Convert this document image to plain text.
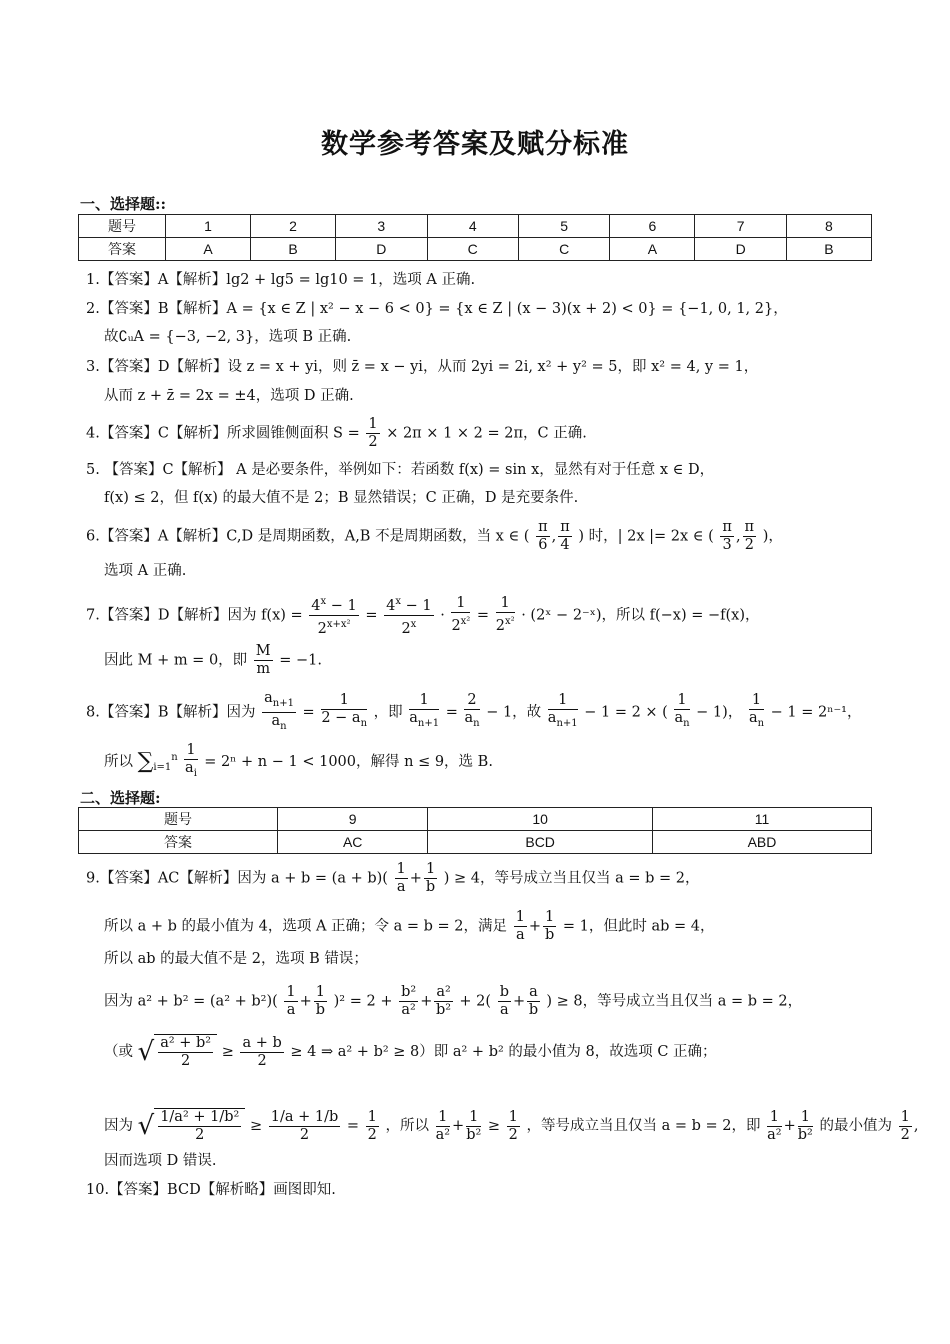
数学参考答案及赋分标准
一、选择题::
题号	1	2	3	4	5	6	7	8
答案	A	B	D	C	C	A	D	B
1.【答案】A【解析】lg2 + lg5 = lg10 = 1，选项 A 正确.
2.【答案】B【解析】A = {x ∈ Z | x² − x − 6 < 0} = {x ∈ Z | (x − 3)(x + 2) < 0} = {−1, 0, 1, 2}，
故∁ᵤA = {−3, −2, 3}，选项 B 正确.
3.【答案】D【解析】设 z = x + yi，则 z̄ = x − yi，从而 2yi = 2i, x² + y² = 5，即 x² = 4, y = 1，
从而 z + z̄ = 2x = ±4，选项 D 正确.
4.【答案】C【解析】所求圆锥侧面积 $S = \frac{1}{2} \times 2\pi \times 1 \times 2 = 2\pi$，C 正确.
5. 【答案】C【解析】 A 是必要条件，举例如下：若函数 f(x) = sin x，显然有对于任意 x ∈ D，
f(x) ≤ 2，但 f(x) 的最大值不是 2；B 显然错误；C 正确，D 是充要条件.
6.【答案】A【解析】C,D 是周期函数，A,B 不是周期函数，当 x ∈ ( $\frac{\pi}{6}$ , $\frac{\pi}{4}$ ) 时，| 2x |= 2x ∈ ( $\frac{\pi}{3}$ , $\frac{\pi}{2}$ )，
选项 A 正确.
7.【答案】D【解析】因为 $f(x) = \frac{4^x - 1}{2^{x+x^2}} = \frac{4^x - 1}{2^x} \cdot \frac{1}{2^{x^2}} = \frac{1}{2^{x^2}}$ · (2ˣ − 2⁻ˣ)，所以 f(−x) = −f(x)，
因此 M + m = 0，即 $\frac{M}{m} = -1$.
8.【答案】B【解析】因为 $\frac{a_{n+1}}{a_n} = \frac{1}{2 - a_n}$ ，即 $\frac{1}{a_{n+1}} = \frac{2}{a_n} - 1$，故 $\frac{1}{a_{n+1}} - 1 = 2$ × ( $\frac{1}{a_n} - 1$)， $\frac{1}{a_n} - 1 = 2^{n-1}$，
所以 $\sum_{i=1}^n \frac{1}{a_i} = 2^n + n - 1 < 1000$，解得 n ≤ 9，选 B.
二、选择题:
题号	9	10	11
答案	AC	BCD	ABD
9.【答案】AC【解析】因为 $a + b = (a + b)( \frac{1}{a} + \frac{1}{b}$ ) ≥ 4，等号成立当且仅当 a = b = 2，
所以 a + b 的最小值为 4，选项 A 正确；令 a = b = 2，满足 $\frac{1}{a} + \frac{1}{b} = 1$，但此时 ab = 4，
所以 ab 的最大值不是 2，选项 B 错误；
因为 $a^2 + b^2 = (a^2 + b^2)( \frac{1}{a} + \frac{1}{b} )^2 = 2 + \frac{\text{b²}}{\text{a²}} + \frac{\text{a²}}{\text{b²}} + 2( \frac{b}{a} + \frac{a}{b}$ ) ≥ 8，等号成立当且仅当 a = b = 2，
（或 √ $\frac{\text{a² + b²}}{2} \ge \frac{a + b}{2} \ge 4$ ⇒ a² + b² ≥ 8）即 a² + b² 的最小值为 8，故选项 C 正确；
因为 √ $\frac{\text{1/a² + 1/b²}}{2} \ge \frac{1/a + 1/b}{2} = \frac{1}{2}$ ，所以 $\frac{1}{\text{a²}} + \frac{1}{\text{b²}} \ge \frac{1}{2}$ ，等号成立当且仅当 a = b = 2，即 $\frac{1}{\text{a²}} + \frac{1}{\text{b²}}$ 的最小值为 $\frac{1}{2}$ ,
因而选项 D 错误.
10.【答案】BCD【解析略】画图即知.
